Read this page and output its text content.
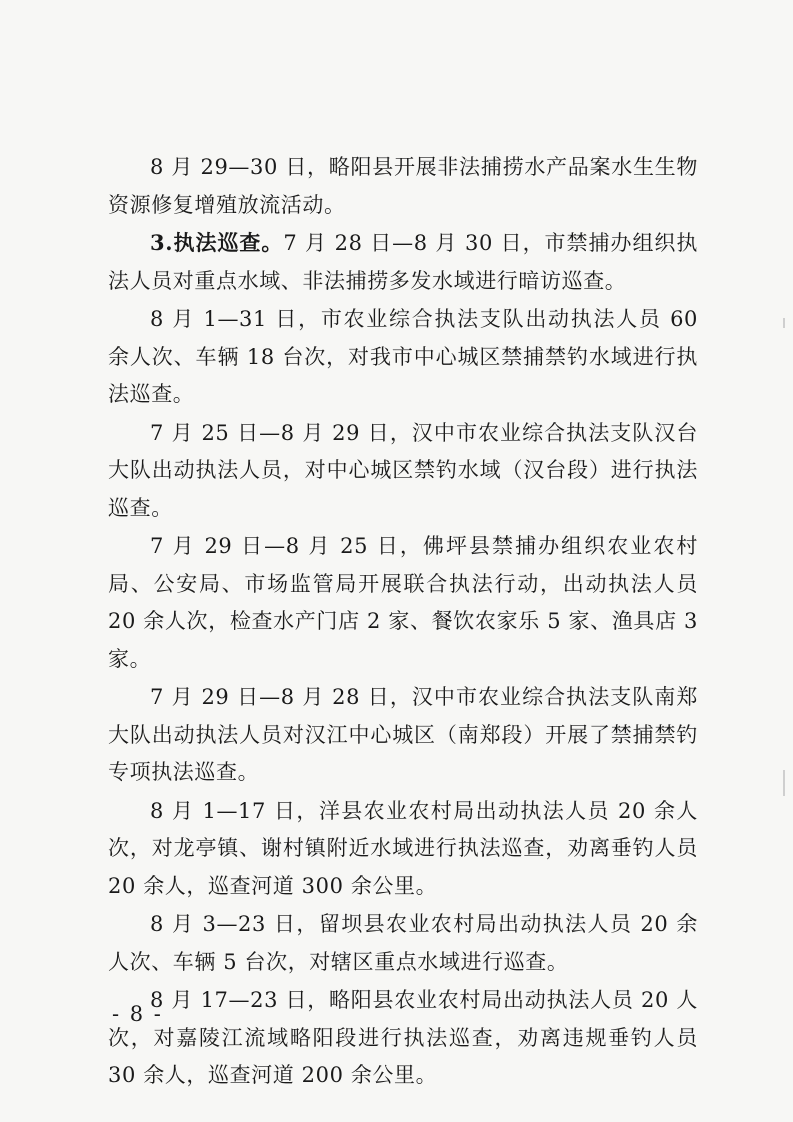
8 月 29—30 日，略阳县开展非法捕捞水产品案水生生物资源修复增殖放流活动。

3.执法巡查。7 月 28 日—8 月 30 日，市禁捕办组织执法人员对重点水域、非法捕捞多发水域进行暗访巡查。

8 月 1—31 日，市农业综合执法支队出动执法人员 60 余人次、车辆 18 台次，对我市中心城区禁捕禁钓水域进行执法巡查。

7 月 25 日—8 月 29 日，汉中市农业综合执法支队汉台大队出动执法人员，对中心城区禁钓水域（汉台段）进行执法巡查。

7 月 29 日—8 月 25 日，佛坪县禁捕办组织农业农村局、公安局、市场监管局开展联合执法行动，出动执法人员 20 余人次，检查水产门店 2 家、餐饮农家乐 5 家、渔具店 3 家。

7 月 29 日—8 月 28 日，汉中市农业综合执法支队南郑大队出动执法人员对汉江中心城区（南郑段）开展了禁捕禁钓专项执法巡查。

8 月 1—17 日，洋县农业农村局出动执法人员 20 余人次，对龙亭镇、谢村镇附近水域进行执法巡查，劝离垂钓人员 20 余人，巡查河道 300 余公里。

8 月 3—23 日，留坝县农业农村局出动执法人员 20 余人次、车辆 5 台次，对辖区重点水域进行巡查。

8 月 17—23 日，略阳县农业农村局出动执法人员 20 人次，对嘉陵江流域略阳段进行执法巡查，劝离违规垂钓人员 30 余人，巡查河道 200 余公里。

- 8 -
